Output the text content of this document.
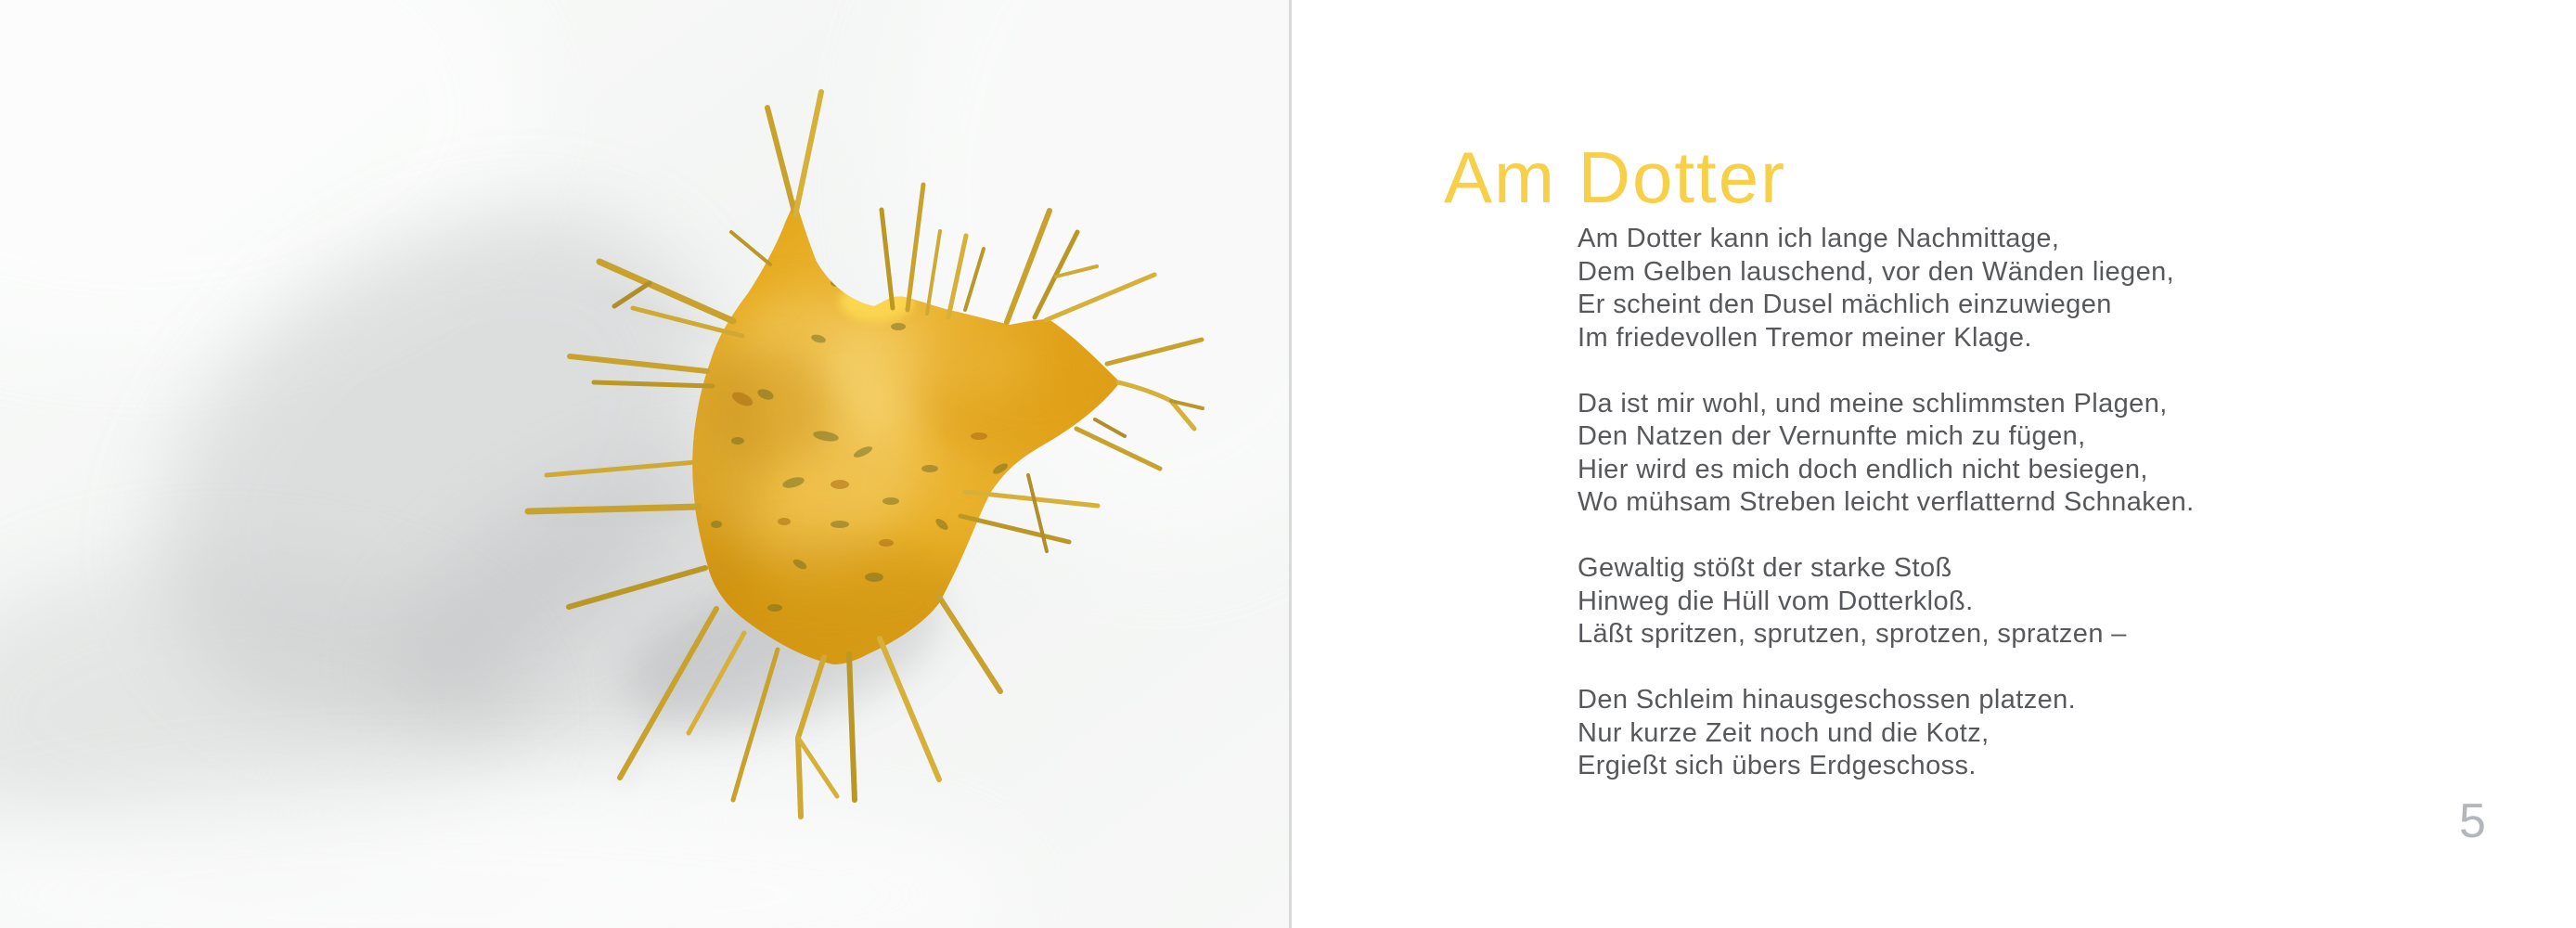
Am Dotter
Am Dotter kann ich lange Nachmittage,
Dem Gelben lauschend, vor den Wänden liegen,
Er scheint den Dusel mächlich einzuwiegen
Im friedevollen Tremor meiner Klage.
Da ist mir wohl, und meine schlimmsten Plagen,
Den Natzen der Vernunfte mich zu fügen,
Hier wird es mich doch endlich nicht besiegen,
Wo mühsam Streben leicht verflatternd Schnaken.
Gewaltig stößt der starke Stoß
Hinweg die Hüll vom Dotterkloß.
Läßt spritzen, sprutzen, sprotzen, spratzen –
Den Schleim hinausgeschossen platzen.
Nur kurze Zeit noch und die Kotz,
Ergießt sich übers Erdgeschoss.
5
